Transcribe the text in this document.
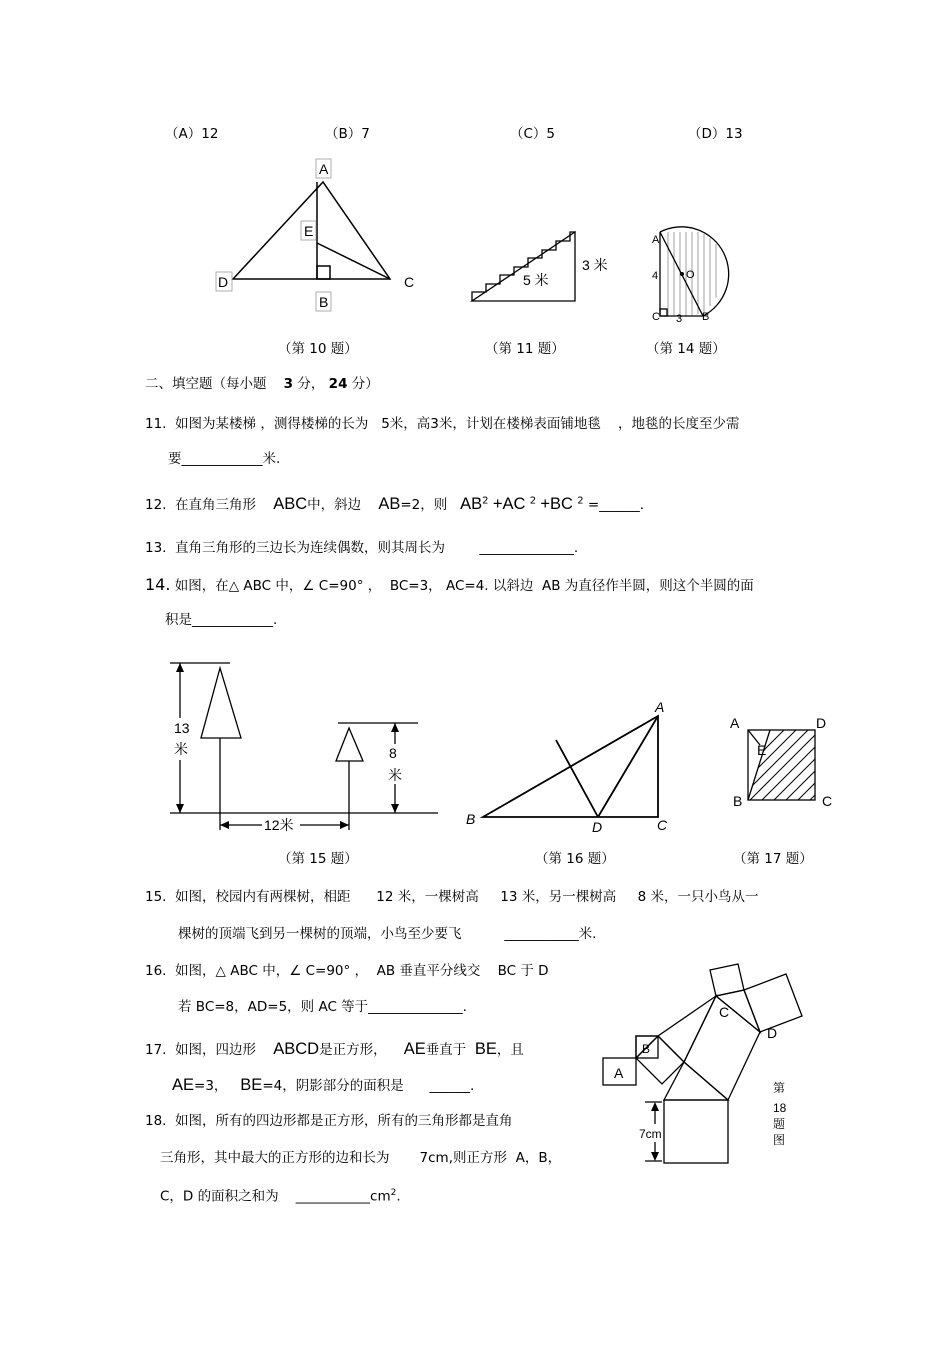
（A）12	（B）7	（C）5	（D）13
A
E
D	C
B
5 米
3 米
A
O
4
C 3 B
（第 10 题）	（第 11 题）	（第 14 题）
二、填空题（每小题 3 分， 24 分）
11.  如图为某楼梯 ，测得楼梯的长为   5米，高3米，计划在楼梯表面铺地毯    ，地毯的长度至少需
要____________米.
12.  在直角三角形 ABC中，斜边 AB=2，则 $AB^2 +AC$ $^2$ +BC $^2$ =______.
13.  直角三角形的三边长为连续偶数，则其周长为	______________.
14. 如图，在△ ABC 中，∠ C=90° ，  BC=3， AC=4. 以斜边  AB 为直径作半圆，则这个半圆的面
积是____________.
13
米	8
米
12米
A
B	C
D
A	D
E
B	C
（第 15 题）	（第 16 题）	（第 17 题）
15.  如图，校园内有两棵树，相距      12 米，一棵树高     13 米，另一棵树高     8 米，一只小鸟从一
棵树的顶端飞到另一棵树的顶端，小鸟至少要飞	___________米.
16.  如图，△ ABC 中，∠ C=90° ，  AB 垂直平分线交    BC 于 D
若 BC=8，AD=5，则 AC 等于______________.
17.  如图，四边形 ABCD是正方形， AE垂直于 BE，且
AE=3， BE=4，阴影部分的面积是 ______.
18.  如图，所有的四边形都是正方形，所有的三角形都是直角
三角形，其中最大的正方形的边和长为 7cm,则正方形  A，B，
C，D 的面积之和为 $\_\_\_\_\_\_\_\_\_\_\_cm^2$.
A
B
C
D
7cm
第
18
题
图
